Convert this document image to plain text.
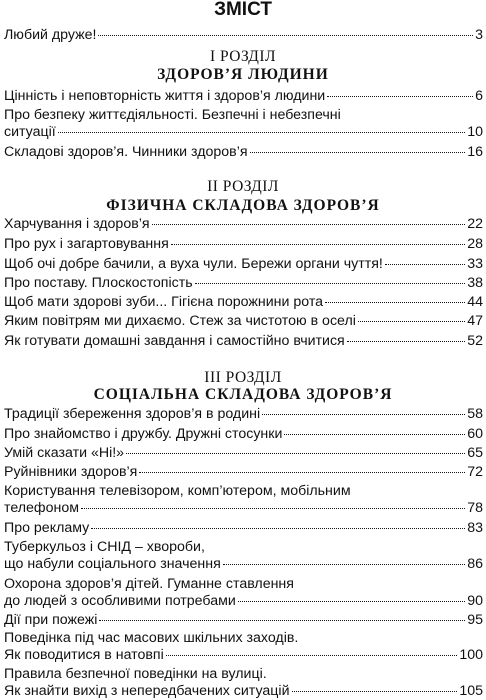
ЗМІСТ
Любий друже!	3
І РОЗДІЛ
ЗДОРОВ’Я ЛЮДИНИ
Цінність і неповторність життя і здоров’я людини	6
Про безпеку життєдіяльності. Безпечні і небезпечні
ситуації	10
Складові здоров’я. Чинники здоров’я	16
ІІ РОЗДІЛ
ФІЗИЧНА СКЛАДОВА ЗДОРОВ’Я
Харчування і здоров’я	22
Про рух і загартовування	28
Щоб очі добре бачили, а вуха чули. Бережи органи чуття!	33
Про поставу. Плоскостопість	38
Щоб мати здорові зуби... Гігієна порожнини рота	44
Яким повітрям ми дихаємо. Стеж за чистотою в оселі	47
Як готувати домашні завдання і самостійно вчитися	52
ІІІ РОЗДІЛ
СОЦІАЛЬНА СКЛАДОВА ЗДОРОВ’Я
Традиції збереження здоров’я в родині	58
Про знайомство і дружбу. Дружні стосунки	60
Умій сказати «Ні!»	65
Руйнівники здоров’я	72
Користування телевізором, комп’ютером, мобільним
телефоном	78
Про рекламу	83
Туберкульоз і СНІД – хвороби,
що набули соціального значення	86
Охорона здоров’я дітей. Гуманне ставлення
до людей з особливими потребами	90
Дії при пожежі	95
Поведінка під час масових шкільних заходів.
Як поводитися в натовпі	100
Правила безпечної поведінки на вулиці.
Як знайти вихід з непередбачених ситуацій	105
